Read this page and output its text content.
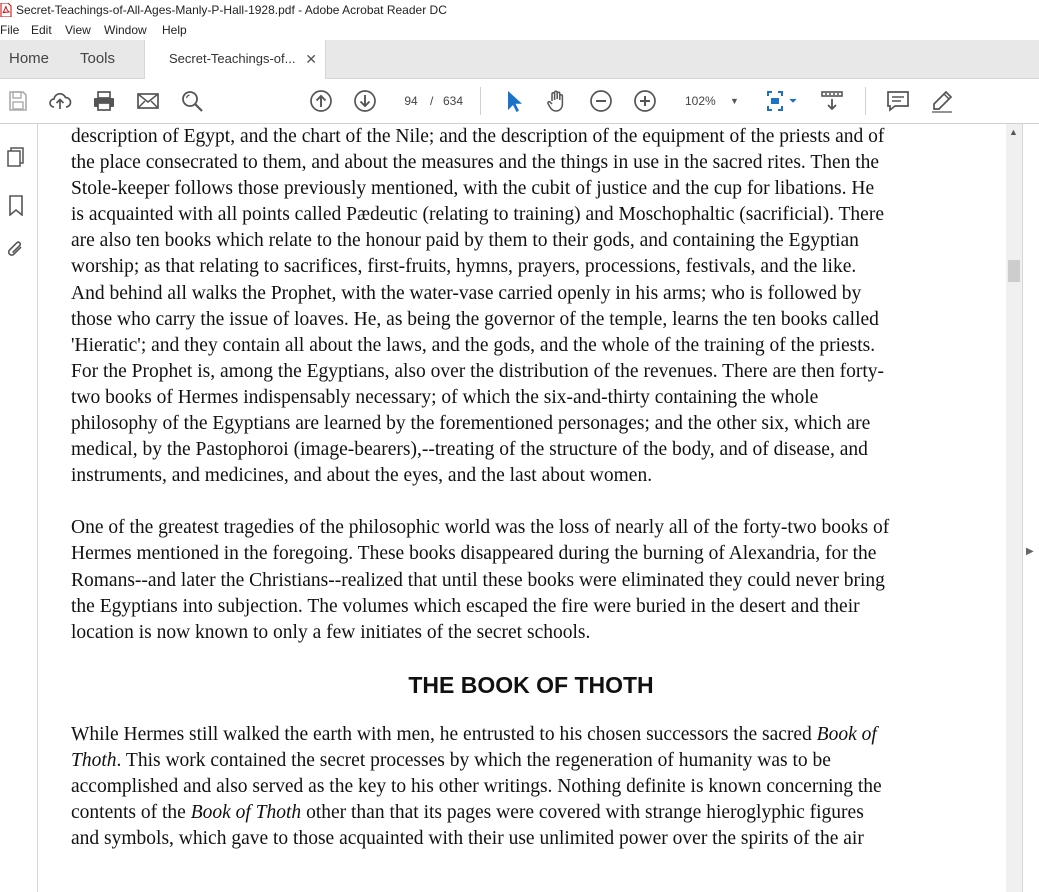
Secret-Teachings-of-All-Ages-Manly-P-Hall-1928.pdf - Adobe Acrobat Reader DC
File Edit View Window Help
Home Tools	Secret-Teachings-of... ✕
94	/ 634	102% ▼
description of Egypt, and the chart of the Nile; and the description of the equipment of the priests and of
the place consecrated to them, and about the measures and the things in use in the sacred rites. Then the
Stole-keeper follows those previously mentioned, with the cubit of justice and the cup for libations. He
is acquainted with all points called Pædeutic (relating to training) and Moschophaltic (sacrificial). There
are also ten books which relate to the honour paid by them to their gods, and containing the Egyptian
worship; as that relating to sacrifices, first-fruits, hymns, prayers, processions, festivals, and the like.
And behind all walks the Prophet, with the water-vase carried openly in his arms; who is followed by
those who carry the issue of loaves. He, as being the governor of the temple, learns the ten books called
'Hieratic'; and they contain all about the laws, and the gods, and the whole of the training of the priests.
For the Prophet is, among the Egyptians, also over the distribution of the revenues. There are then forty-
two books of Hermes indispensably necessary; of which the six-and-thirty containing the whole
philosophy of the Egyptians are learned by the forementioned personages; and the other six, which are
medical, by the Pastophoroi (image-bearers),--treating of the structure of the body, and of disease, and
instruments, and medicines, and about the eyes, and the last about women.
One of the greatest tragedies of the philosophic world was the loss of nearly all of the forty-two books of
Hermes mentioned in the foregoing. These books disappeared during the burning of Alexandria, for the
Romans--and later the Christians--realized that until these books were eliminated they could never bring
the Egyptians into subjection. The volumes which escaped the fire were buried in the desert and their
location is now known to only a few initiates of the secret schools.
THE BOOK OF THOTH
While Hermes still walked the earth with men, he entrusted to his chosen successors the sacred Book of
Thoth. This work contained the secret processes by which the regeneration of humanity was to be
accomplished and also served as the key to his other writings. Nothing definite is known concerning the
contents of the Book of Thoth other than that its pages were covered with strange hieroglyphic figures
and symbols, which gave to those acquainted with their use unlimited power over the spirits of the air
▲
▶
